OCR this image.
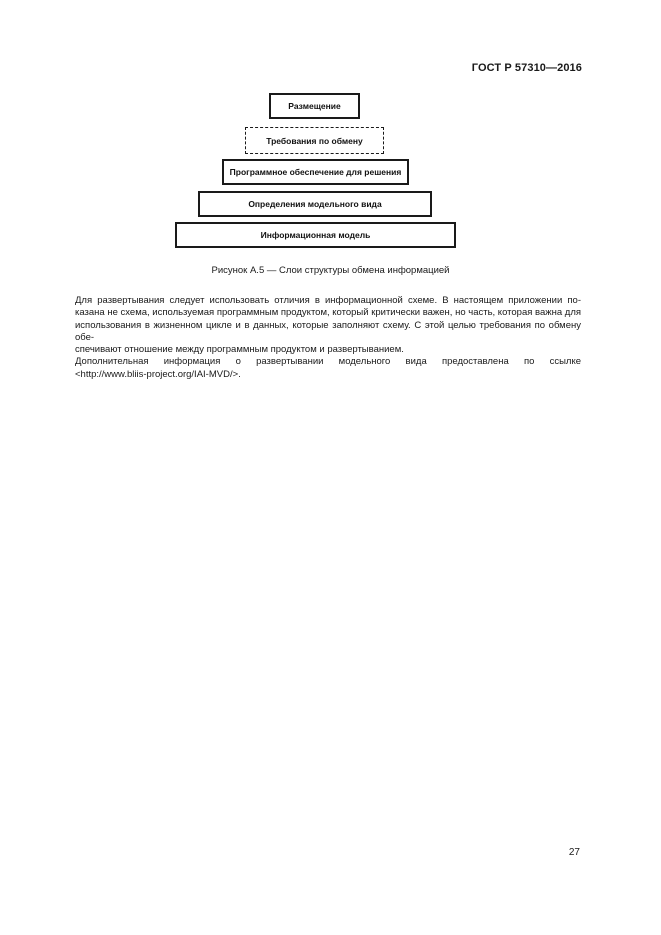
ГОСТ Р 57310—2016
Размещение
Требования по обмену
Программное обеспечение для решения
Определения модельного вида
Информационная модель
Рисунок А.5 — Слои структуры обмена информацией

Для развертывания следует использовать отличия в информационной схеме. В настоящем приложении по-
казана не схема, используемая программным продуктом, который критически важен, но часть, которая важна для
использования в жизненном цикле и в данных, которые заполняют схему. С этой целью требования по обмену обе-
спечивают отношение между программным продуктом и развертыванием.

Дополнительная информация о развертывании модельного вида предоставлена по ссылке
<http://www.bliis-project.org/IAI-MVD/>.

27
